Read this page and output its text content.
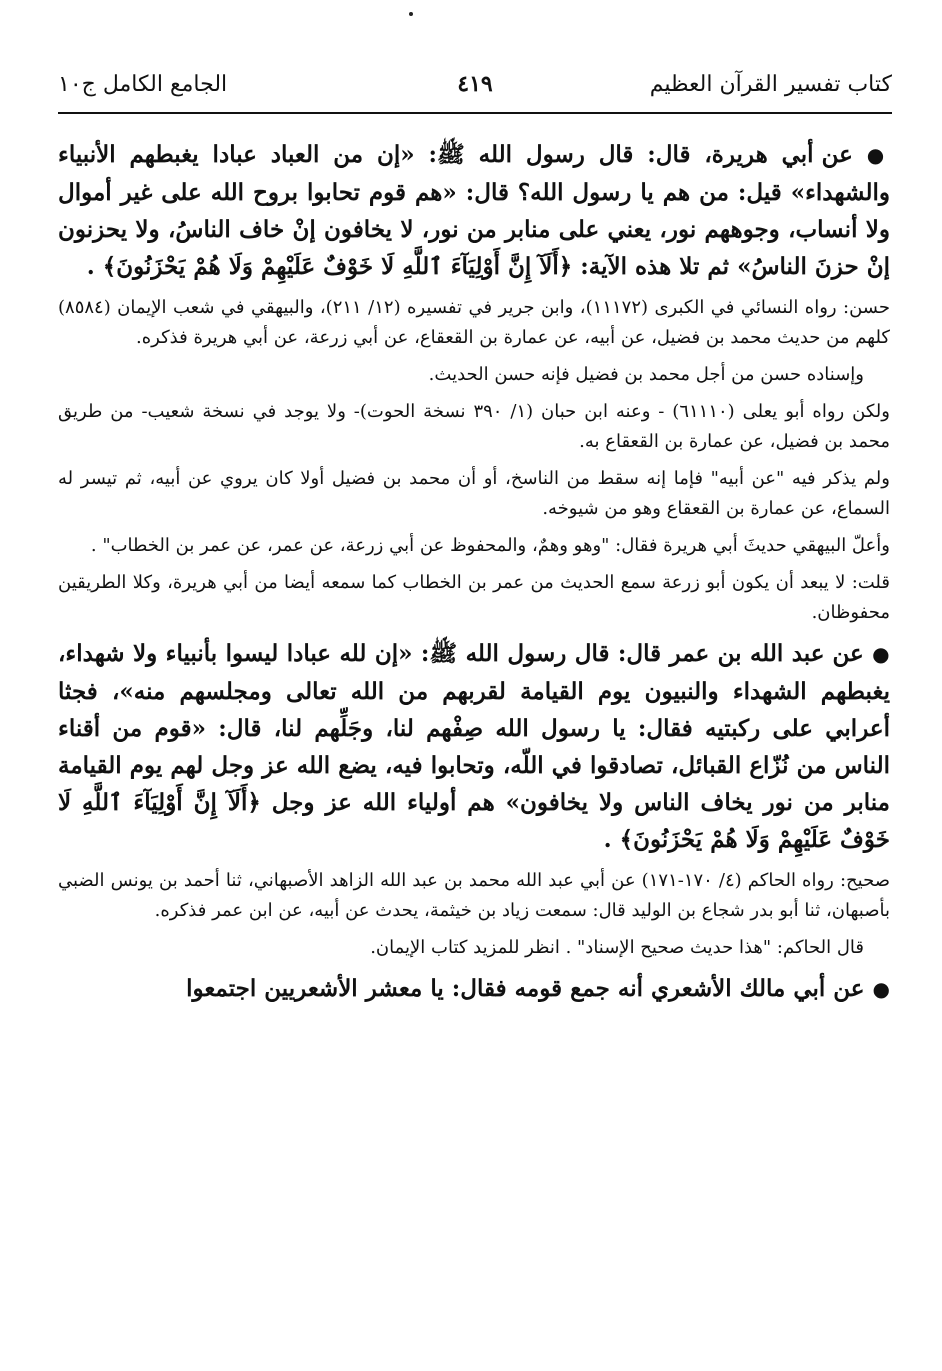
كتاب تفسير القرآن العظيم
٤١٩
الجامع الكامل ج١٠

● عن أبي هريرة، قال: قال رسول الله ﷺ: «إن من العباد عبادا يغبطهم الأنبياء والشهداء» قيل: من هم يا رسول الله؟ قال: «هم قوم تحابوا بروح الله على غير أموال ولا أنساب، وجوههم نور، يعني على منابر من نور، لا يخافون إنْ خاف الناسُ، ولا يحزنون إنْ حزنَ الناسُ» ثم تلا هذه الآية: ﴿أَلَآ إِنَّ أَوْلِيَآءَ ٱللَّهِ لَا خَوْفٌ عَلَيْهِمْ وَلَا هُمْ يَحْزَنُونَ﴾ .

حسن: رواه النسائي في الكبرى (١١١٧٢)، وابن جرير في تفسيره (١٢/ ٢١١)، والبيهقي في شعب الإيمان (٨٥٨٤) كلهم من حديث محمد بن فضيل، عن أبيه، عن عمارة بن القعقاع، عن أبي زرعة، عن أبي هريرة فذكره.

وإسناده حسن من أجل محمد بن فضيل فإنه حسن الحديث.

ولكن رواه أبو يعلى (٦١١١٠) - وعنه ابن حبان (١/ ٣٩٠ نسخة الحوت)- ولا يوجد في نسخة شعيب- من طريق محمد بن فضيل، عن عمارة بن القعقاع به.

ولم يذكر فيه "عن أبيه" فإما إنه سقط من الناسخ، أو أن محمد بن فضيل أولا كان يروي عن أبيه، ثم تيسر له السماع، عن عمارة بن القعقاع وهو من شيوخه.

وأعلّ البيهقي حديثَ أبي هريرة فقال: "وهو وهمٌ، والمحفوظ عن أبي زرعة، عن عمر، عن عمر بن الخطاب" .

قلت: لا يبعد أن يكون أبو زرعة سمع الحديث من عمر بن الخطاب كما سمعه أيضا من أبي هريرة، وكلا الطريقين محفوظان.

● عن عبد الله بن عمر قال: قال رسول الله ﷺ: «إن لله عبادا ليسوا بأنبياء ولا شهداء، يغبطهم الشهداء والنبيون يوم القيامة لقربهم من الله تعالى ومجلسهم منه»، فجثا أعرابي على ركبتيه فقال: يا رسول الله صِفْهم لنا، وجَلِّهم لنا، قال: «قوم من أقناء الناس من نُزّاع القبائل، تصادقوا في اللّه، وتحابوا فيه، يضع الله عز وجل لهم يوم القيامة منابر من نور يخاف الناس ولا يخافون» هم أولياء الله عز وجل ﴿أَلَآ إِنَّ أَوْلِيَآءَ ٱللَّهِ لَا خَوْفٌ عَلَيْهِمْ وَلَا هُمْ يَحْزَنُونَ﴾ .

صحيح: رواه الحاكم (٤/ ١٧٠-١٧١) عن أبي عبد الله محمد بن عبد الله الزاهد الأصبهاني، ثنا أحمد بن يونس الضبي بأصبهان، ثنا أبو بدر شجاع بن الوليد قال: سمعت زياد بن خيثمة، يحدث عن أبيه، عن ابن عمر فذكره.

قال الحاكم: "هذا حديث صحيح الإسناد" . انظر للمزيد كتاب الإيمان.

● عن أبي مالك الأشعري أنه جمع قومه فقال: يا معشر الأشعريين اجتمعوا
